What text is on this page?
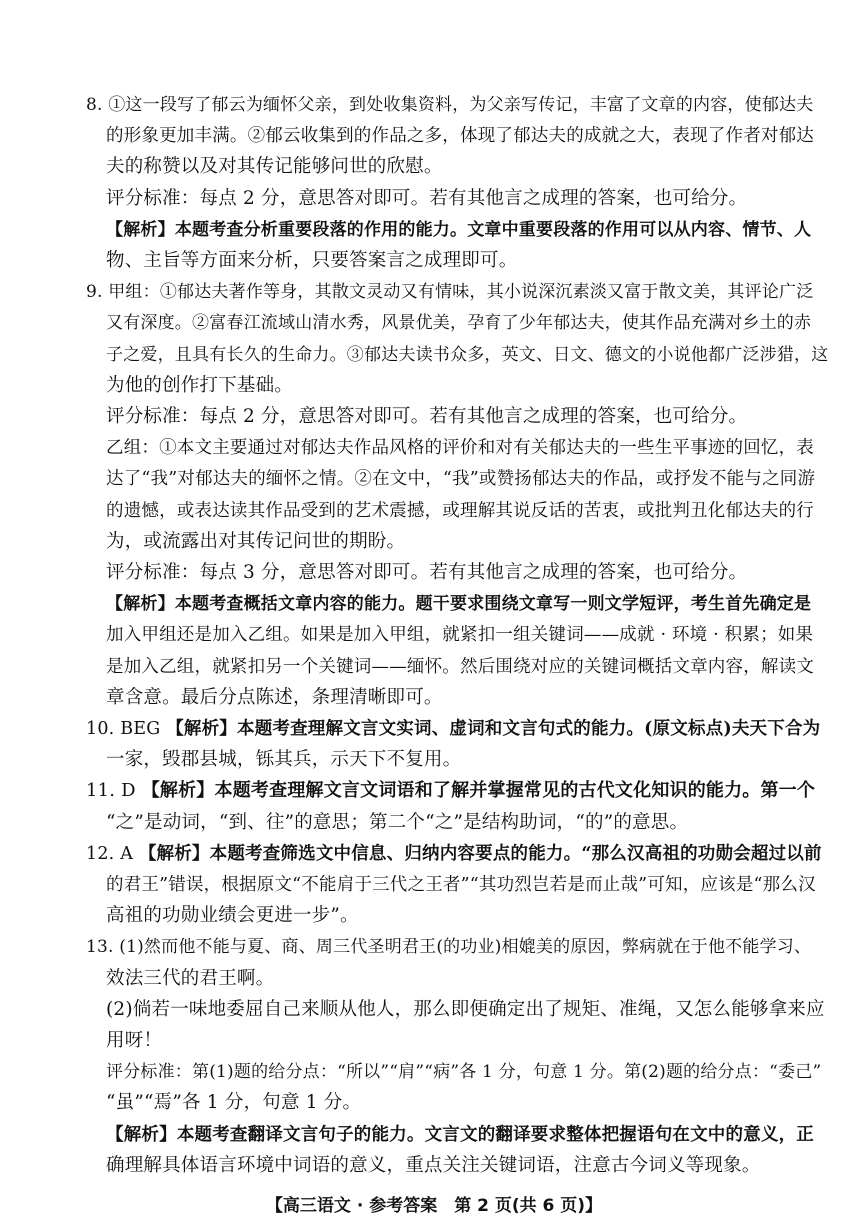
8. ①这一段写了郁云为缅怀父亲，到处收集资料，为父亲写传记，丰富了文章的内容，使郁达夫
的形象更加丰满。②郁云收集到的作品之多，体现了郁达夫的成就之大，表现了作者对郁达
夫的称赞以及对其传记能够问世的欣慰。
评分标准：每点 2 分，意思答对即可。若有其他言之成理的答案，也可给分。
【解析】本题考查分析重要段落的作用的能力。文章中重要段落的作用可以从内容、情节、人
物、主旨等方面来分析，只要答案言之成理即可。
9. 甲组：①郁达夫著作等身，其散文灵动又有情味，其小说深沉素淡又富于散文美，其评论广泛
又有深度。②富春江流域山清水秀，风景优美，孕育了少年郁达夫，使其作品充满对乡土的赤
子之爱，且具有长久的生命力。③郁达夫读书众多，英文、日文、德文的小说他都广泛涉猎，这
为他的创作打下基础。
评分标准：每点 2 分，意思答对即可。若有其他言之成理的答案，也可给分。
乙组：①本文主要通过对郁达夫作品风格的评价和对有关郁达夫的一些生平事迹的回忆，表
达了“我”对郁达夫的缅怀之情。②在文中，“我”或赞扬郁达夫的作品，或抒发不能与之同游
的遗憾，或表达读其作品受到的艺术震撼，或理解其说反话的苦衷，或批判丑化郁达夫的行
为，或流露出对其传记问世的期盼。
评分标准：每点 3 分，意思答对即可。若有其他言之成理的答案，也可给分。
【解析】本题考查概括文章内容的能力。题干要求围绕文章写一则文学短评，考生首先确定是
加入甲组还是加入乙组。如果是加入甲组，就紧扣一组关键词——成就 · 环境 · 积累；如果
是加入乙组，就紧扣另一个关键词——缅怀。然后围绕对应的关键词概括文章内容，解读文
章含意。最后分点陈述，条理清晰即可。
10. BEG 【解析】本题考查理解文言文实词、虚词和文言句式的能力。(原文标点)夫天下合为
一家，毁郡县城，铄其兵，示天下不复用。
11. D 【解析】本题考查理解文言文词语和了解并掌握常见的古代文化知识的能力。第一个
“之”是动词，“到、往”的意思；第二个“之”是结构助词，“的”的意思。
12. A 【解析】本题考查筛选文中信息、归纳内容要点的能力。“那么汉高祖的功勋会超过以前
的君王”错误，根据原文“不能肩于三代之王者”“其功烈岂若是而止哉”可知，应该是“那么汉
高祖的功勋业绩会更进一步”。
13. (1)然而他不能与夏、商、周三代圣明君王(的功业)相媲美的原因，弊病就在于他不能学习、
效法三代的君王啊。
(2)倘若一味地委屈自己来顺从他人，那么即便确定出了规矩、准绳，又怎么能够拿来应
用呀！
评分标准：第(1)题的给分点：“所以”“肩”“病”各 1 分，句意 1 分。第(2)题的给分点：“委己”
“虽”“焉”各 1 分，句意 1 分。
【解析】本题考查翻译文言句子的能力。文言文的翻译要求整体把握语句在文中的意义，正
确理解具体语言环境中词语的意义，重点关注关键词语，注意古今词义等现象。
【高三语文 · 参考答案　第 2 页(共 6 页)】
